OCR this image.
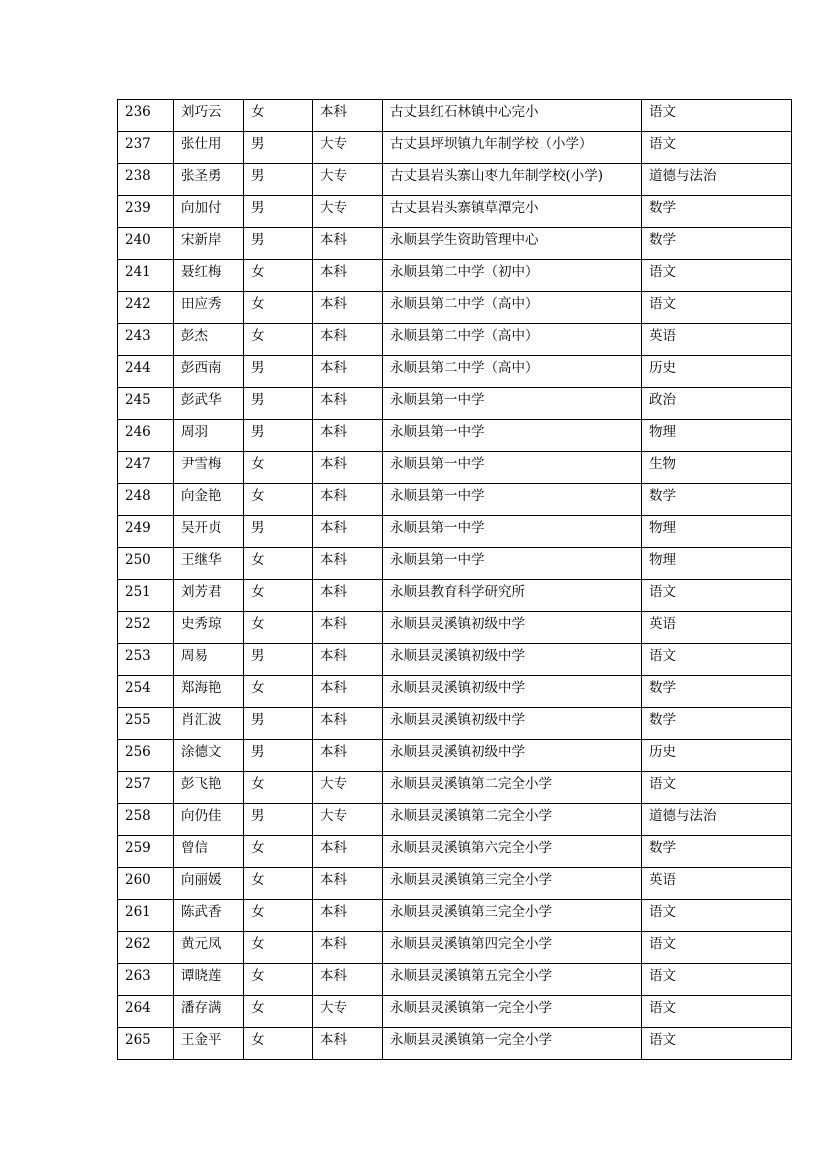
236	刘巧云	女	本科	古丈县红石林镇中心完小	语文
237	张仕用	男	大专	古丈县坪坝镇九年制学校（小学）	语文
238	张圣勇	男	大专	古丈县岩头寨山枣九年制学校(小学)	道德与法治
239	向加付	男	大专	古丈县岩头寨镇草潭完小	数学
240	宋新岸	男	本科	永顺县学生资助管理中心	数学
241	聂红梅	女	本科	永顺县第二中学（初中）	语文
242	田应秀	女	本科	永顺县第二中学（高中）	语文
243	彭杰	女	本科	永顺县第二中学（高中）	英语
244	彭西南	男	本科	永顺县第二中学（高中）	历史
245	彭武华	男	本科	永顺县第一中学	政治
246	周羽	男	本科	永顺县第一中学	物理
247	尹雪梅	女	本科	永顺县第一中学	生物
248	向金艳	女	本科	永顺县第一中学	数学
249	吴开贞	男	本科	永顺县第一中学	物理
250	王继华	女	本科	永顺县第一中学	物理
251	刘芳君	女	本科	永顺县教育科学研究所	语文
252	史秀琼	女	本科	永顺县灵溪镇初级中学	英语
253	周易	男	本科	永顺县灵溪镇初级中学	语文
254	郑海艳	女	本科	永顺县灵溪镇初级中学	数学
255	肖汇波	男	本科	永顺县灵溪镇初级中学	数学
256	涂德文	男	本科	永顺县灵溪镇初级中学	历史
257	彭飞艳	女	大专	永顺县灵溪镇第二完全小学	语文
258	向仍佳	男	大专	永顺县灵溪镇第二完全小学	道德与法治
259	曾信	女	本科	永顺县灵溪镇第六完全小学	数学
260	向丽媛	女	本科	永顺县灵溪镇第三完全小学	英语
261	陈武香	女	本科	永顺县灵溪镇第三完全小学	语文
262	黄元凤	女	本科	永顺县灵溪镇第四完全小学	语文
263	谭晓莲	女	本科	永顺县灵溪镇第五完全小学	语文
264	潘存满	女	大专	永顺县灵溪镇第一完全小学	语文
265	王金平	女	本科	永顺县灵溪镇第一完全小学	语文
